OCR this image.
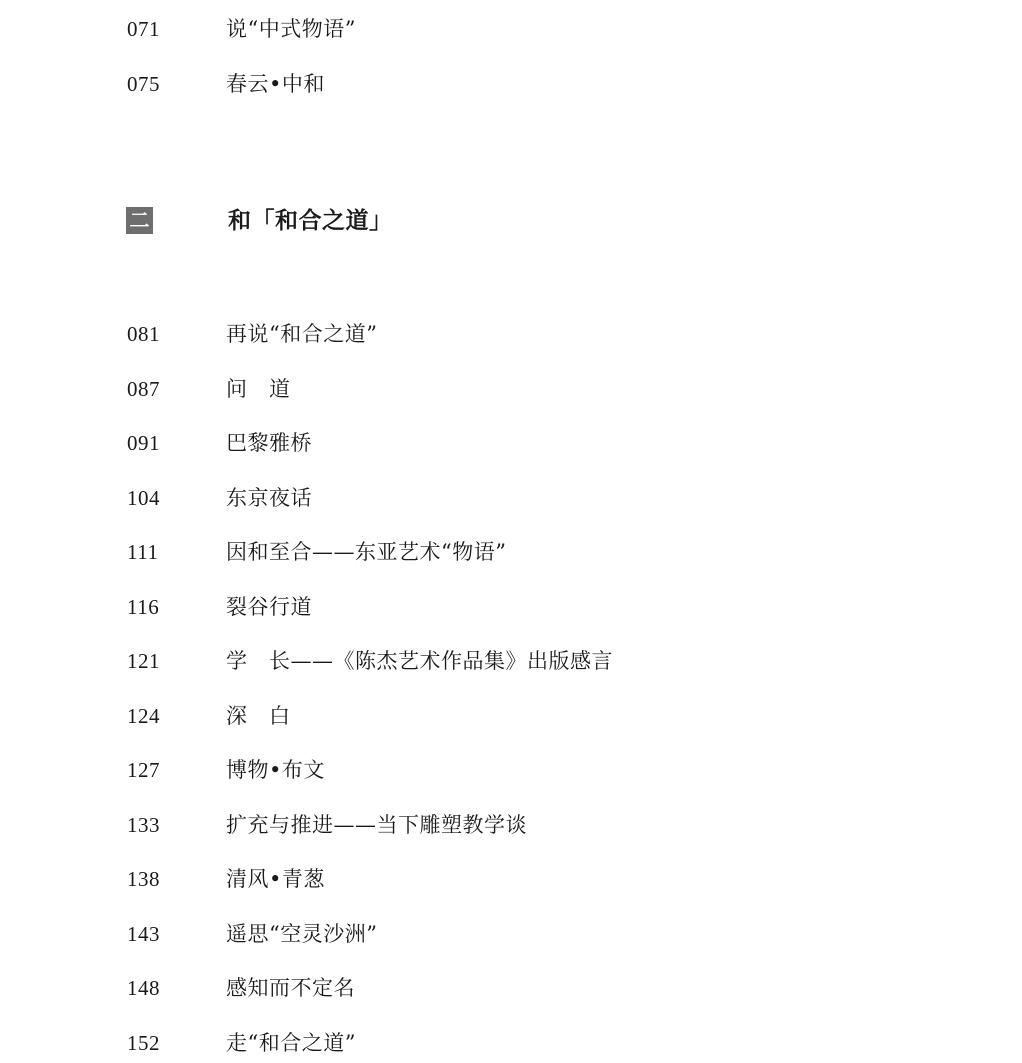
071	说“中式物语”
075	春云•中和
二	和「和合之道」
081	再说“和合之道”
087	问　道
091	巴黎雅桥
104	东京夜话
111	因和至合——东亚艺术“物语”
116	裂谷行道
121	学　长——《陈杰艺术作品集》出版感言
124	深　白
127	博物•布文
133	扩充与推进——当下雕塑教学谈
138	清风•青葱
143	遥思“空灵沙洲”
148	感知而不定名
152	走“和合之道”
